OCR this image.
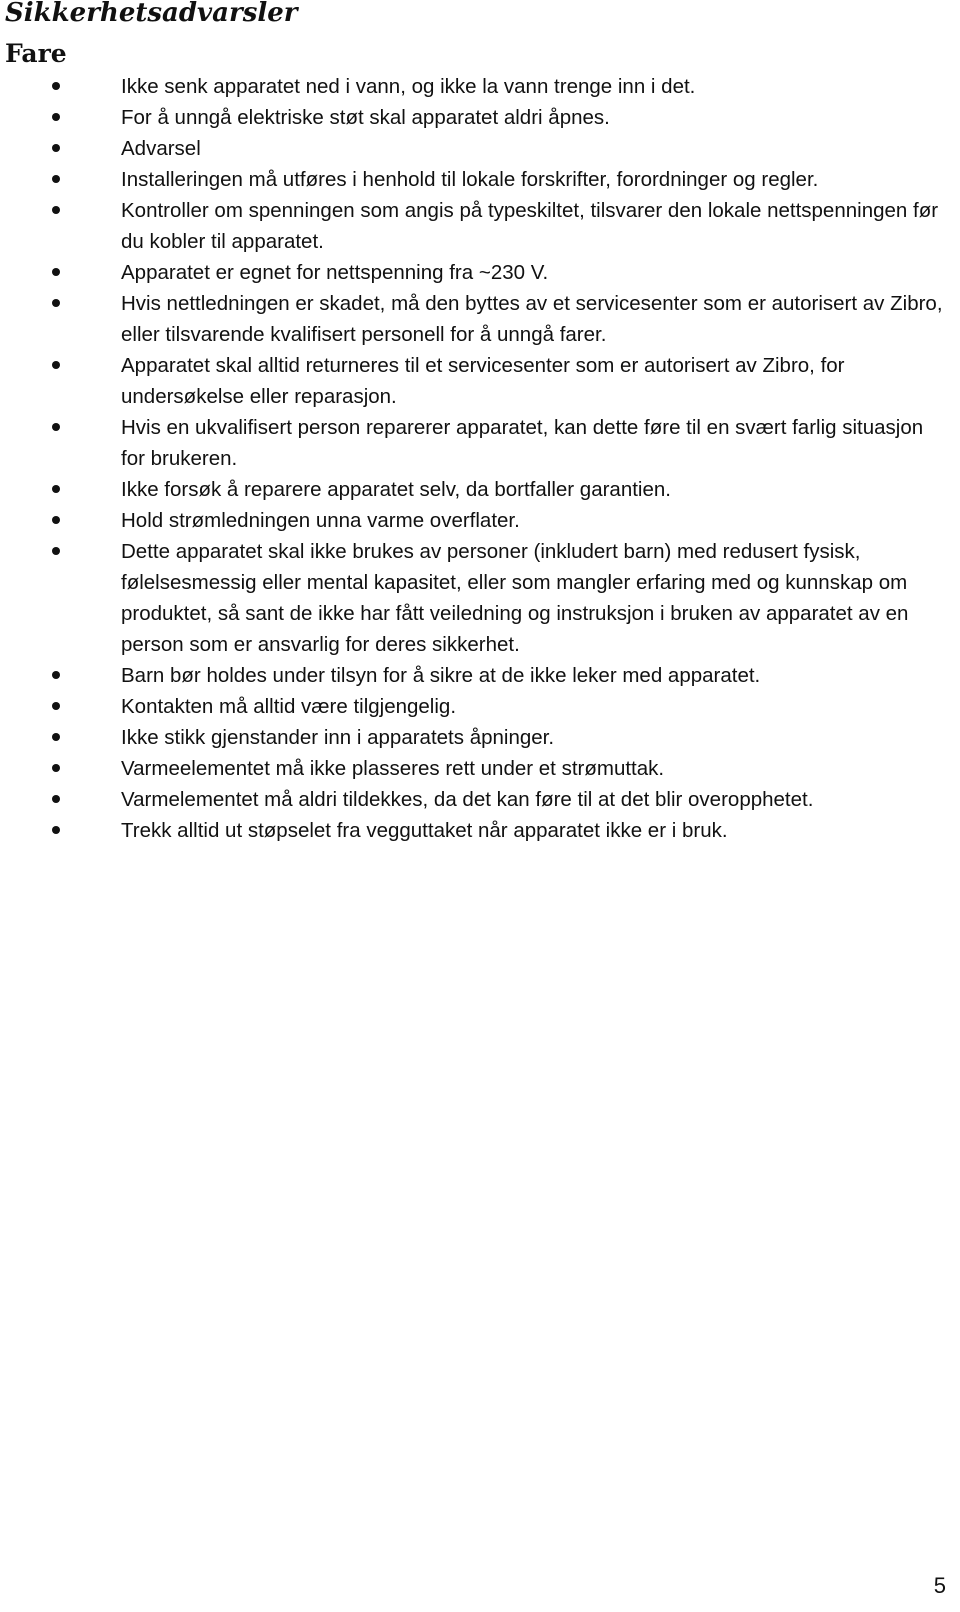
Sikkerhetsadvarsler
Fare
Ikke senk apparatet ned i vann, og ikke la vann trenge inn i det.
For å unngå elektriske støt skal apparatet aldri åpnes.
Advarsel
Installeringen må utføres i henhold til lokale forskrifter, forordninger og regler.
Kontroller om spenningen som angis på typeskiltet, tilsvarer den lokale nettspenningen før du kobler til apparatet.
Apparatet er egnet for nettspenning fra ~230 V.
Hvis nettledningen er skadet, må den byttes av et servicesenter som er autorisert av Zibro, eller tilsvarende kvalifisert personell for å unngå farer.
Apparatet skal alltid returneres til et servicesenter som er autorisert av Zibro, for undersøkelse eller reparasjon.
Hvis en ukvalifisert person reparerer apparatet, kan dette føre til en svært farlig situasjon for brukeren.
Ikke forsøk å reparere apparatet selv, da bortfaller garantien.
Hold strømledningen unna varme overflater.
Dette apparatet skal ikke brukes av personer (inkludert barn) med redusert fysisk, følelsesmessig eller mental kapasitet, eller som mangler erfaring med og kunnskap om produktet, så sant de ikke har fått veiledning og instruksjon i bruken av apparatet av en person som er ansvarlig for deres sikkerhet.
Barn bør holdes under tilsyn for å sikre at de ikke leker med apparatet.
Kontakten må alltid være tilgjengelig.
Ikke stikk gjenstander inn i apparatets åpninger.
Varmeelementet må ikke plasseres rett under et strømuttak.
Varmelementet må aldri tildekkes, da det kan føre til at det blir overopphetet.
Trekk alltid ut støpselet fra vegguttaket når apparatet ikke er i bruk.
5
